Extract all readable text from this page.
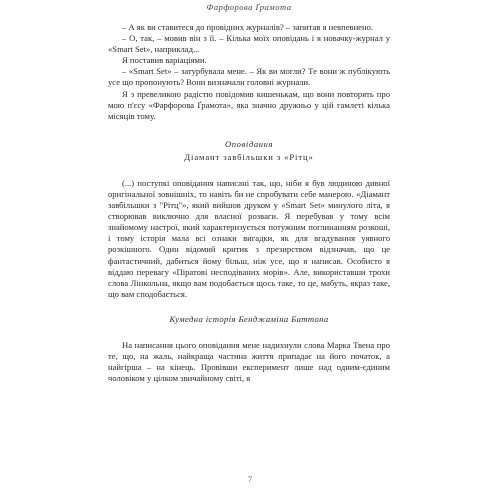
Фарфорова Ґрамота

– А як ви ставитеся до провідних журналів? – запитав я невпевнено.

– О, так, – мовив він з її. – Кілька моїх оповідань і я новачку-журнал у «Smart Set», наприклад...

Я поставив варіаціями.

– «Smart Set» – затурбувала мене. – Як ви могли? Те вони ж публікують усе що пропонують? Вони визначали головні журнали.

Я з превеликою радістю повідомив кишенькам, що вони повторять про мою п'єсу «Фарфорова Ґрамота», яка значно дружньо у цій гамлеті кілька місяців тому.

Оповідання
Діамант завбільшки з «Рітц»

(...) поступкі оповідання написані так, що, ніби я був людиною дивної оригінальної зовнішніх, то навіть би не спробувати себе манерою. «Діамант завбільшки з "Рітц"», який вийшов друком у «Smart Set» минулого літа, я створював виключно для власної розваги. Я перебував у тому всім знайомому настрої, який характеризується потужним поглинанням розкоші, і тому історія мала всі ознаки вигадки, як для вгадування уявного розкішного. Один відомий критик з презирством відзначав, що це фантастичний, дабиться йому більш, ніж усе, що я написав. Особисто я віддаю перевагу «Піратові несподіваних морів». Але, використавши трохи слова Лінкольна, якщо вам подобається щось таке, то це, мабуть, якраз таке, що вам сподобається.

Кумедна історія Бенджаміна Баттона

На написання цього оповідання мене надихнули слова Марка Твена про те, що, на жаль, найкраща частина життя припадає на його початок, а найгірша – на кінець. Провівши експеримент лише над одним-єдиним чоловіком у цілком звичайному світі, я

7
